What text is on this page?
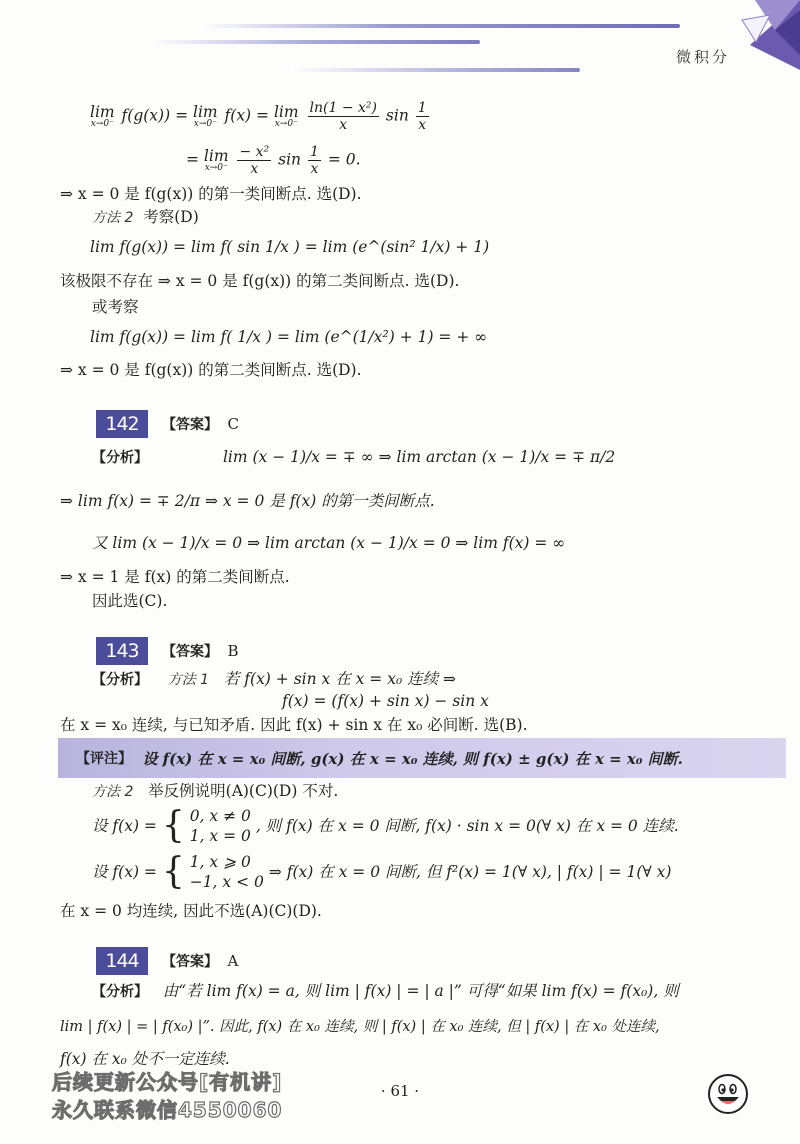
微积分
lim
x→0⁻ f(g(x)) = lim
x→0⁻ f(x) = lim
x→0⁻
$\frac{\text{ln(1 − x²)}}{x}$ $\sin \frac{1}{x}$
= lim
x→0⁻
$\frac{\text{− x²}}{x}$ $\sin \frac{1}{x} = 0$.
⇒ x = 0 是 f(g(x)) 的第一类间断点. 选(D).
方法 2 考察(D)
lim f(g(x)) = lim f( sin 1/x ) = lim (e^(sin² 1/x) + 1)
该极限不存在 ⇒ x = 0 是 f(g(x)) 的第二类间断点. 选(D).
或考察
lim f(g(x)) = lim f( 1/x ) = lim (e^(1/x²) + 1) = + ∞
⇒ x = 0 是 f(g(x)) 的第二类间断点. 选(D).
142	【答案】 C
【分析】	lim (x − 1)/x = ∓ ∞ ⇒ lim arctan (x − 1)/x = ∓ π/2
⇒ lim f(x) = ∓ 2/π ⇒ x = 0 是 f(x) 的第一类间断点.
又 lim (x − 1)/x = 0 ⇒ lim arctan (x − 1)/x = 0 ⇒ lim f(x) = ∞
⇒ x = 1 是 f(x) 的第二类间断点.
因此选(C).
143	【答案】 B
【分析】 方法 1 若 f(x) + sin x 在 x = x₀ 连续 ⇒
f(x) = (f(x) + sin x) − sin x
在 x = x₀ 连续, 与已知矛盾. 因此 f(x) + sin x 在 x₀ 必间断. 选(B).
【评注】
设 f(x) 在 x = x₀ 间断, g(x) 在 x = x₀ 连续, 则 f(x) ± g(x) 在 x = x₀ 间断.
方法 2 举反例说明(A)(C)(D) 不对.
设 f(x) = { 0, x ≠ 0
1, x = 0
, 则 f(x) 在 x = 0 间断, f(x) · sin x = 0(∀ x) 在 x = 0 连续.
设 f(x) = { 1, x ⩾ 0
−1, x < 0
⇒ f(x) 在 x = 0 间断, 但 f²(x) = 1(∀ x), | f(x) | = 1(∀ x)
在 x = 0 均连续, 因此不选(A)(C)(D).
144	【答案】 A
【分析】 由“若 lim f(x) = a, 则 lim | f(x) | = | a |” 可得“如果 lim f(x) = f(x₀), 则
lim | f(x) | = | f(x₀) |”. 因此, f(x) 在 x₀ 连续, 则 | f(x) | 在 x₀ 连续, 但 | f(x) | 在 x₀ 处连续,
f(x) 在 x₀ 处不一定连续.
· 61 ·
后续更新公众号[有机讲]
永久联系微信4550060
